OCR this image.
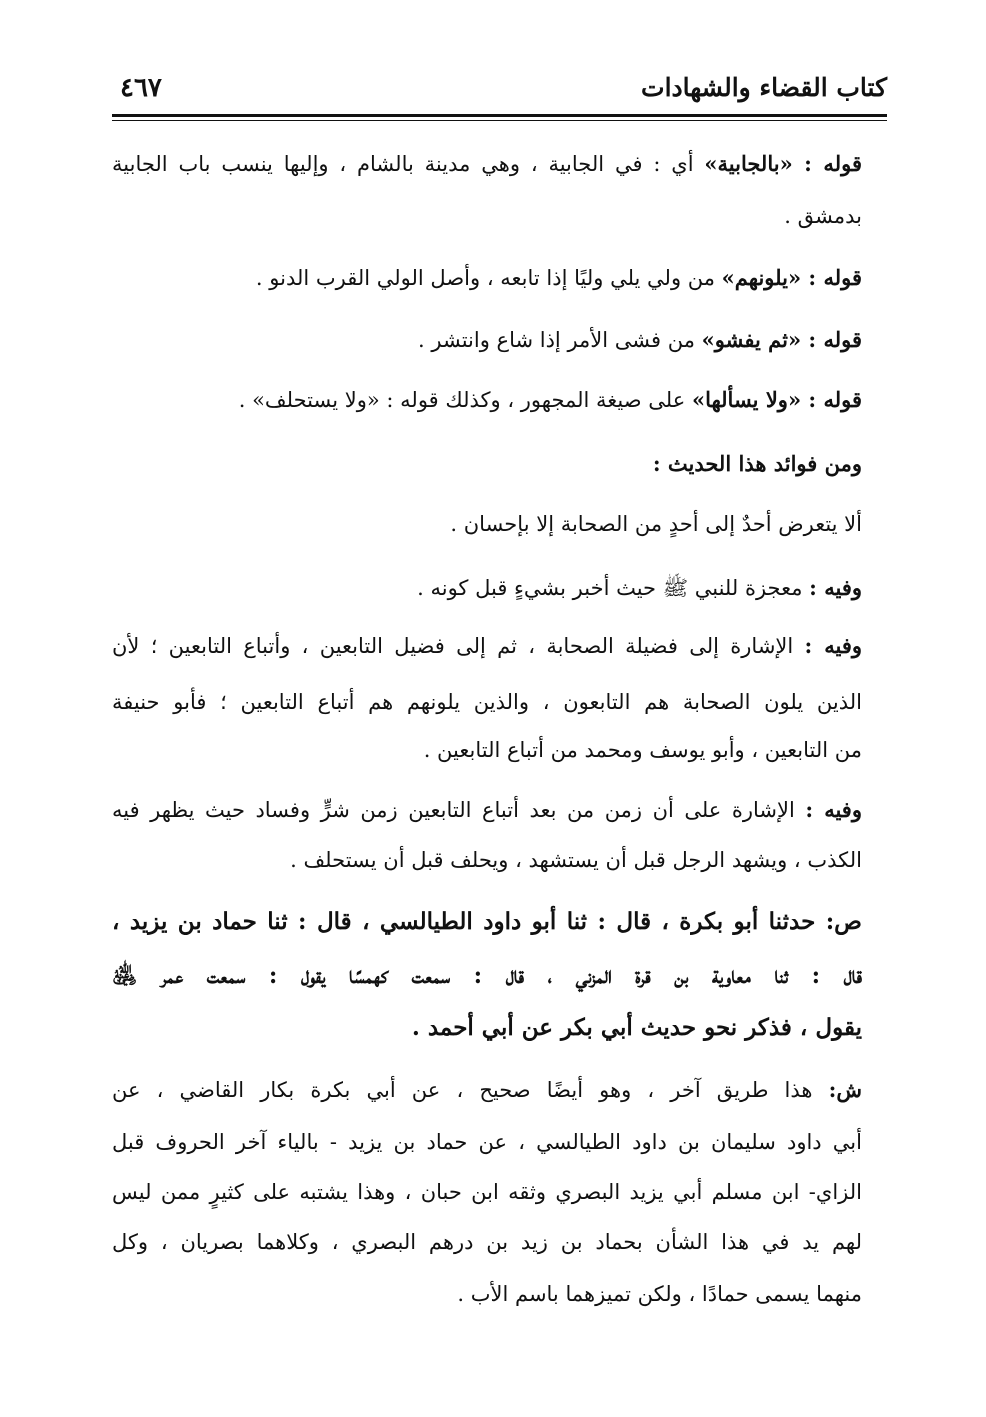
كتاب القضاء والشهادات
٤٦٧
قوله : «بالجابية» أي : في الجابية ، وهي مدينة بالشام ، وإليها ينسب باب الجابية
بدمشق .
قوله : «يلونهم» من ولي يلي وليًا إذا تابعه ، وأصل الولي القرب الدنو .
قوله : «ثم يفشو» من فشى الأمر إذا شاع وانتشر .
قوله : «ولا يسألها» على صيغة المجهور ، وكذلك قوله : «ولا يستحلف» .
ومن فوائد هذا الحديث :
ألا يتعرض أحدٌ إلى أحدٍ من الصحابة إلا بإحسان .
وفيه : معجزة للنبي ﷺ حيث أخبر بشيءٍ قبل كونه .
وفيه : الإشارة إلى فضيلة الصحابة ، ثم إلى فضيل التابعين ، وأتباع التابعين ؛ لأن
الذين يلون الصحابة هم التابعون ، والذين يلونهم هم أتباع التابعين ؛ فأبو حنيفة
من التابعين ، وأبو يوسف ومحمد من أتباع التابعين .
وفيه : الإشارة على أن زمن من بعد أتباع التابعين زمن شرٍّ وفساد حيث يظهر فيه
الكذب ، ويشهد الرجل قبل أن يستشهد ، ويحلف قبل أن يستحلف .
ص: حدثنا أبو بكرة ، قال : ثنا أبو داود الطيالسي ، قال : ثنا حماد بن يزيد ،
قال : ثنا معاوية بن قرة المزني ، قال : سمعت كهمسًا يقول : سمعت عمر ﵁
يقول ، فذكر نحو حديث أبي بكر عن أبي أحمد .
ش: هذا طريق آخر ، وهو أيضًا صحيح ، عن أبي بكرة بكار القاضي ، عن
أبي داود سليمان بن داود الطيالسي ، عن حماد بن يزيد - بالياء آخر الحروف قبل
الزاي- ابن مسلم أبي يزيد البصري وثقه ابن حبان ، وهذا يشتبه على كثيرٍ ممن ليس
لهم يد في هذا الشأن بحماد بن زيد بن درهم البصري ، وكلاهما بصريان ، وكل
منهما يسمى حمادًا ، ولكن تميزهما باسم الأب .
